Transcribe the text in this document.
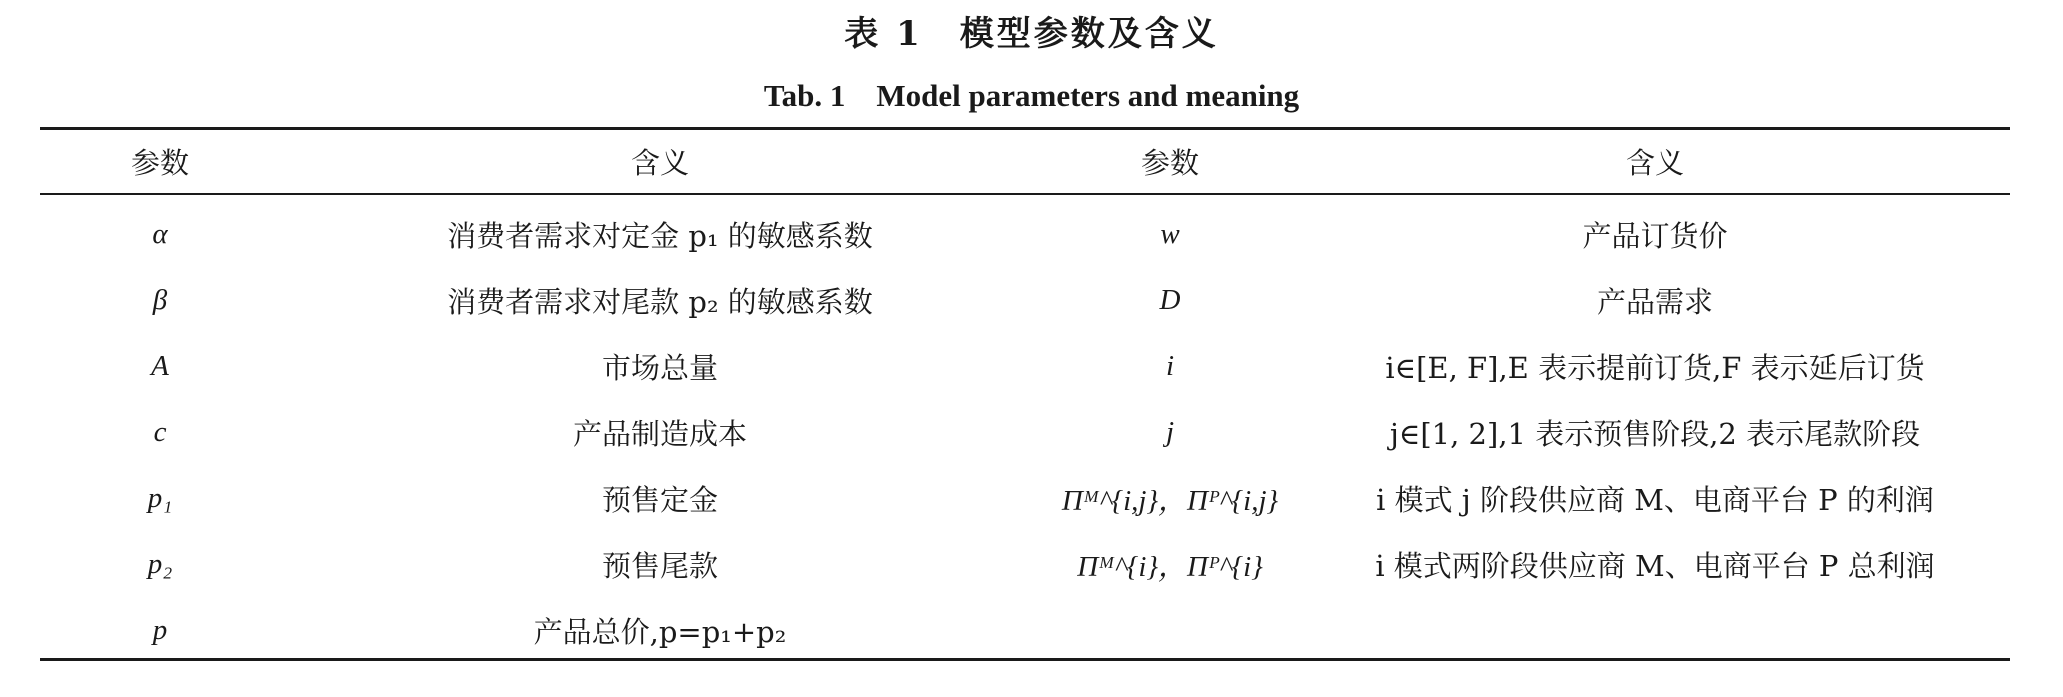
表 1　模型参数及含义
Tab. 1　Model parameters and meaning
参数	含义	参数	含义
α	消费者需求对定金 p₁ 的敏感系数	w	产品订货价
β	消费者需求对尾款 p₂ 的敏感系数	D	产品需求
A	市场总量	i	i∈[E, F],E 表示提前订货,F 表示延后订货
c	产品制造成本	j	j∈[1, 2],1 表示预售阶段,2 表示尾款阶段
p₁	预售定金	Πᴹ^{i,j}，Πᴾ^{i,j}	i 模式 j 阶段供应商 M、电商平台 P 的利润
p₂	预售尾款	Πᴹ^{i}，Πᴾ^{i}	i 模式两阶段供应商 M、电商平台 P 总利润
p	产品总价,p=p₁+p₂		
